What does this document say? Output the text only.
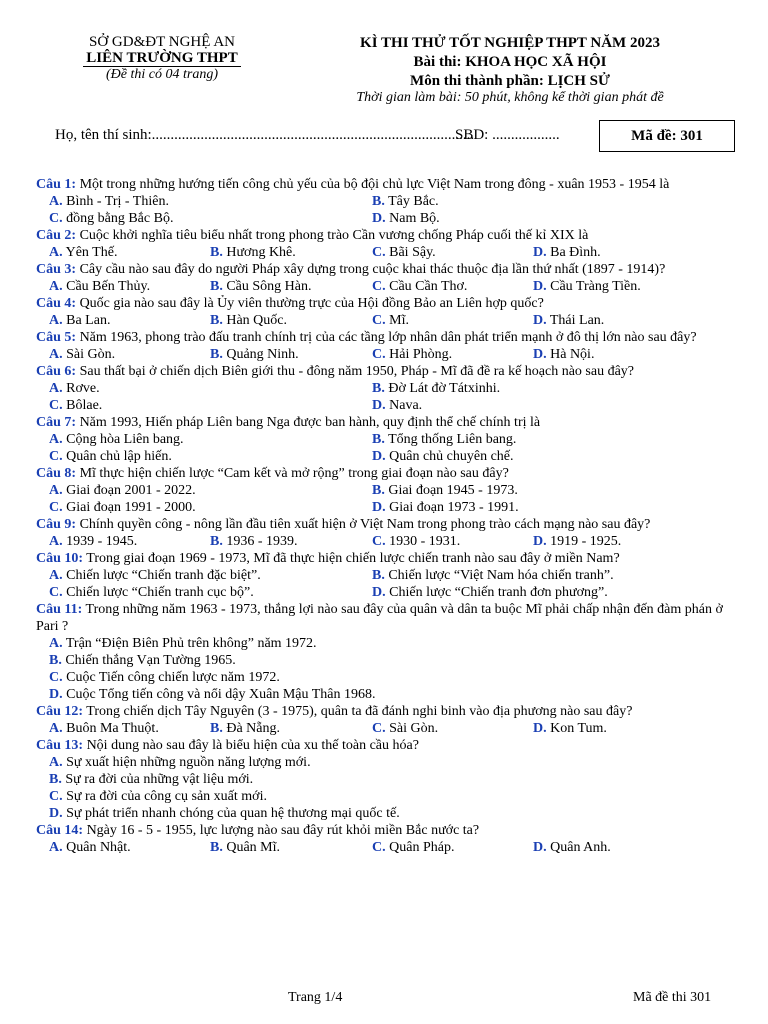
SỞ GD&ĐT NGHỆ AN
LIÊN TRƯỜNG THPT
(Đề thi có 04 trang)
KÌ THI THỬ TỐT NGHIỆP THPT NĂM 2023
Bài thi: KHOA HỌC XÃ HỘI
Môn thi thành phần: LỊCH SỬ
Thời gian làm bài: 50 phút, không kể thời gian phát đề
Họ, tên thí sinh:......................................................................................
SBD: ..................	Mã đề: 301
Câu 1: Một trong những hướng tiến công chủ yếu của bộ đội chủ lực Việt Nam trong đông - xuân 1953 - 1954 là
A. Bình - Trị - Thiên.	B. Tây Bắc.
C. đồng bằng Bắc Bộ.	D. Nam Bộ.
Câu 2: Cuộc khởi nghĩa tiêu biểu nhất trong phong trào Cần vương chống Pháp cuối thế kỉ XIX là
A. Yên Thế.	B. Hương Khê.	C. Bãi Sậy.	D. Ba Đình.
Câu 3: Cây cầu nào sau đây do người Pháp xây dựng trong cuộc khai thác thuộc địa lần thứ nhất (1897 - 1914)?
A. Cầu Bến Thủy.	B. Cầu Sông Hàn.	C. Cầu Cần Thơ.	D. Cầu Tràng Tiền.
Câu 4: Quốc gia nào sau đây là Ủy viên thường trực của Hội đồng Bảo an Liên hợp quốc?
A. Ba Lan.	B. Hàn Quốc.	C. Mĩ.	D. Thái Lan.
Câu 5: Năm 1963, phong trào đấu tranh chính trị của các tầng lớp nhân dân phát triển mạnh ở đô thị lớn nào sau đây?
A. Sài Gòn.	B. Quảng Ninh.	C. Hải Phòng.	D. Hà Nội.
Câu 6: Sau thất bại ở chiến dịch Biên giới thu - đông năm 1950, Pháp - Mĩ đã đề ra kế hoạch nào sau đây?
A. Rơve.	B. Đờ Lát đờ Tátxinhi.
C. Bôlae.	D. Nava.
Câu 7: Năm 1993, Hiến pháp Liên bang Nga được ban hành, quy định thể chế chính trị là
A. Cộng hòa Liên bang.	B. Tổng thống Liên bang.
C. Quân chủ lập hiến.	D. Quân chủ chuyên chế.
Câu 8: Mĩ thực hiện chiến lược “Cam kết và mở rộng” trong giai đoạn nào sau đây?
A. Giai đoạn 2001 - 2022.	B. Giai đoạn 1945 - 1973.
C. Giai đoạn 1991 - 2000.	D. Giai đoạn 1973 - 1991.
Câu 9: Chính quyền công - nông lần đầu tiên xuất hiện ở Việt Nam trong phong trào cách mạng nào sau đây?
A. 1939 - 1945.	B. 1936 - 1939.	C. 1930 - 1931.	D. 1919 - 1925.
Câu 10: Trong giai đoạn 1969 - 1973, Mĩ đã thực hiện chiến lược chiến tranh nào sau đây ở miền Nam?
A. Chiến lược “Chiến tranh đặc biệt”.	B. Chiến lược “Việt Nam hóa chiến tranh”.
C. Chiến lược “Chiến tranh cục bộ”.	D. Chiến lược “Chiến tranh đơn phương”.
Câu 11: Trong những năm 1963 - 1973, thắng lợi nào sau đây của quân và dân ta buộc Mĩ phải chấp nhận đến đàm phán ở Pari ?
A. Trận “Điện Biên Phủ trên không” năm 1972.
B. Chiến thắng Vạn Tường 1965.
C. Cuộc Tiến công chiến lược năm 1972.
D. Cuộc Tổng tiến công và nổi dậy Xuân Mậu Thân 1968.
Câu 12: Trong chiến dịch Tây Nguyên (3 - 1975), quân ta đã đánh nghi binh vào địa phương nào sau đây?
A. Buôn Ma Thuột.	B. Đà Nẵng.	C. Sài Gòn.	D. Kon Tum.
Câu 13: Nội dung nào sau đây là biểu hiện của xu thế toàn cầu hóa?
A. Sự xuất hiện những nguồn năng lượng mới.
B. Sự ra đời của những vật liệu mới.
C. Sự ra đời của công cụ sản xuất mới.
D. Sự phát triển nhanh chóng của quan hệ thương mại quốc tế.
Câu 14: Ngày 16 - 5 - 1955, lực lượng nào sau đây rút khỏi miền Bắc nước ta?
A. Quân Nhật.	B. Quân Mĩ.	C. Quân Pháp.	D. Quân Anh.
Trang 1/4	Mã đề thi 301
